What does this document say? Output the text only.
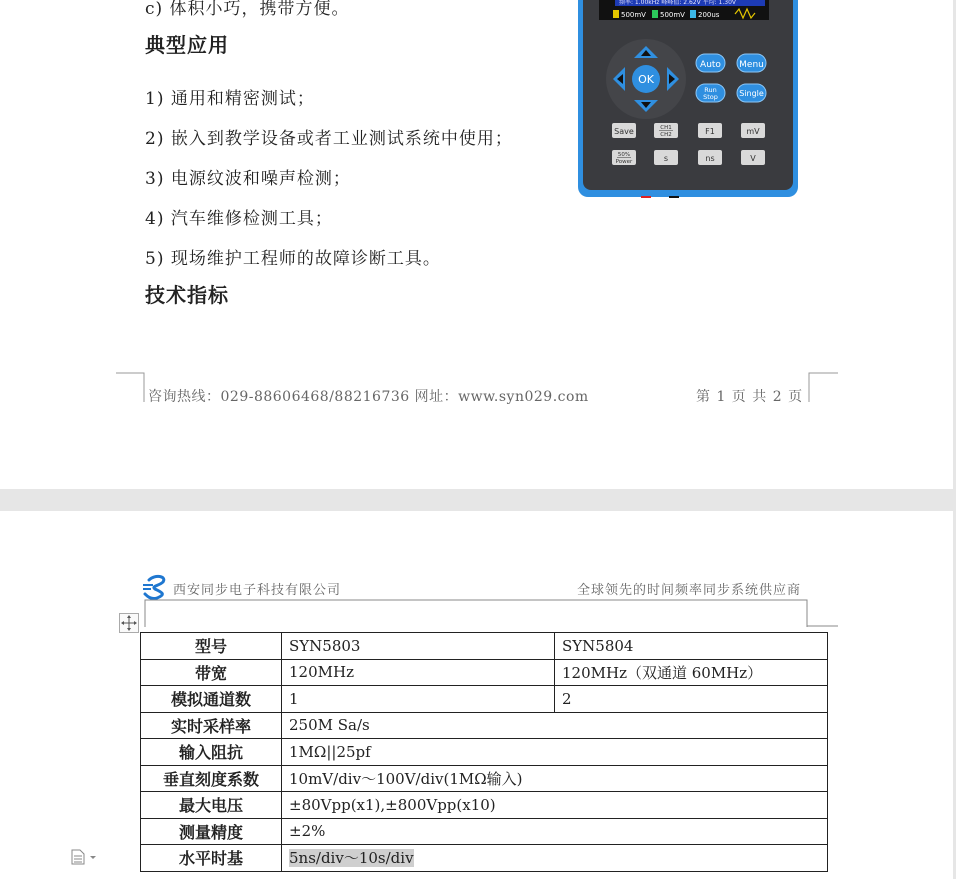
c) 体积小巧，携带方便。
典型应用
1) 通用和精密测试；
2) 嵌入到教学设备或者工业测试系统中使用；
3) 电源纹波和噪声检测；
4) 汽车维修检测工具；
5) 现场维护工程师的故障诊断工具。
技术指标
咨询热线：029-88606468/88216736 网址：www.syn029.com	第 1 页 共 2 页
频率: 1.00kHz 峰峰值: 2.62V 平均: 1.30V
500mV 500mV 200us
OK
Auto Menu
Run
Stop	Single
Save	CH1
CH2	F1	mV
50%
Power	s	ns	V
西安同步电子科技有限公司	全球领先的时间频率同步系统供应商
型号	SYN5803	SYN5804
带宽	120MHz	120MHz（双通道 60MHz）
模拟通道数	1	2
实时采样率	250M Sa/s	
输入阻抗	1MΩ||25pf	
垂直刻度系数	10mV/div～100V/div(1MΩ输入)	
最大电压	±80Vpp(x1),±800Vpp(x10)	
测量精度	±2%	
水平时基	5ns/div～10s/div	
